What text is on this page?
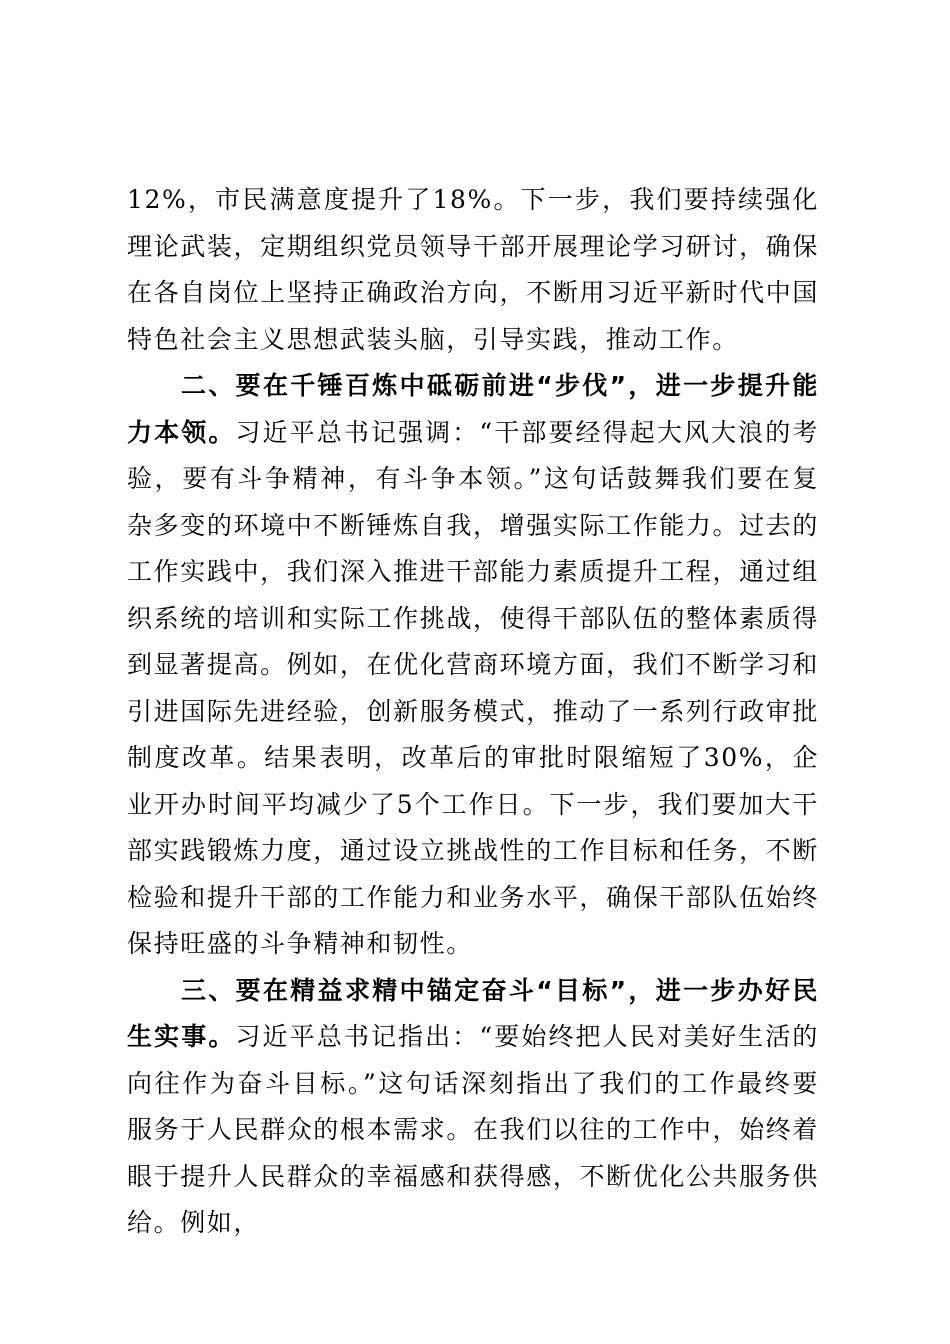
12%，市民满意度提升了18%。下一步，我们要持续强化理论武装，定期组织党员领导干部开展理论学习研讨，确保在各自岗位上坚持正确政治方向，不断用习近平新时代中国特色社会主义思想武装头脑，引导实践，推动工作。

二、要在千锤百炼中砥砺前进“步伐”，进一步提升能力本领。习近平总书记强调：“干部要经得起大风大浪的考验，要有斗争精神，有斗争本领。”这句话鼓舞我们要在复杂多变的环境中不断锤炼自我，增强实际工作能力。过去的工作实践中，我们深入推进干部能力素质提升工程，通过组织系统的培训和实际工作挑战，使得干部队伍的整体素质得到显著提高。例如，在优化营商环境方面，我们不断学习和引进国际先进经验，创新服务模式，推动了一系列行政审批制度改革。结果表明，改革后的审批时限缩短了30%，企业开办时间平均减少了5个工作日。下一步，我们要加大干部实践锻炼力度，通过设立挑战性的工作目标和任务，不断检验和提升干部的工作能力和业务水平，确保干部队伍始终保持旺盛的斗争精神和韧性。

三、要在精益求精中锚定奋斗“目标”，进一步办好民生实事。习近平总书记指出：“要始终把人民对美好生活的向往作为奋斗目标。”这句话深刻指出了我们的工作最终要服务于人民群众的根本需求。在我们以往的工作中，始终着眼于提升人民群众的幸福感和获得感，不断优化公共服务供给。例如，
